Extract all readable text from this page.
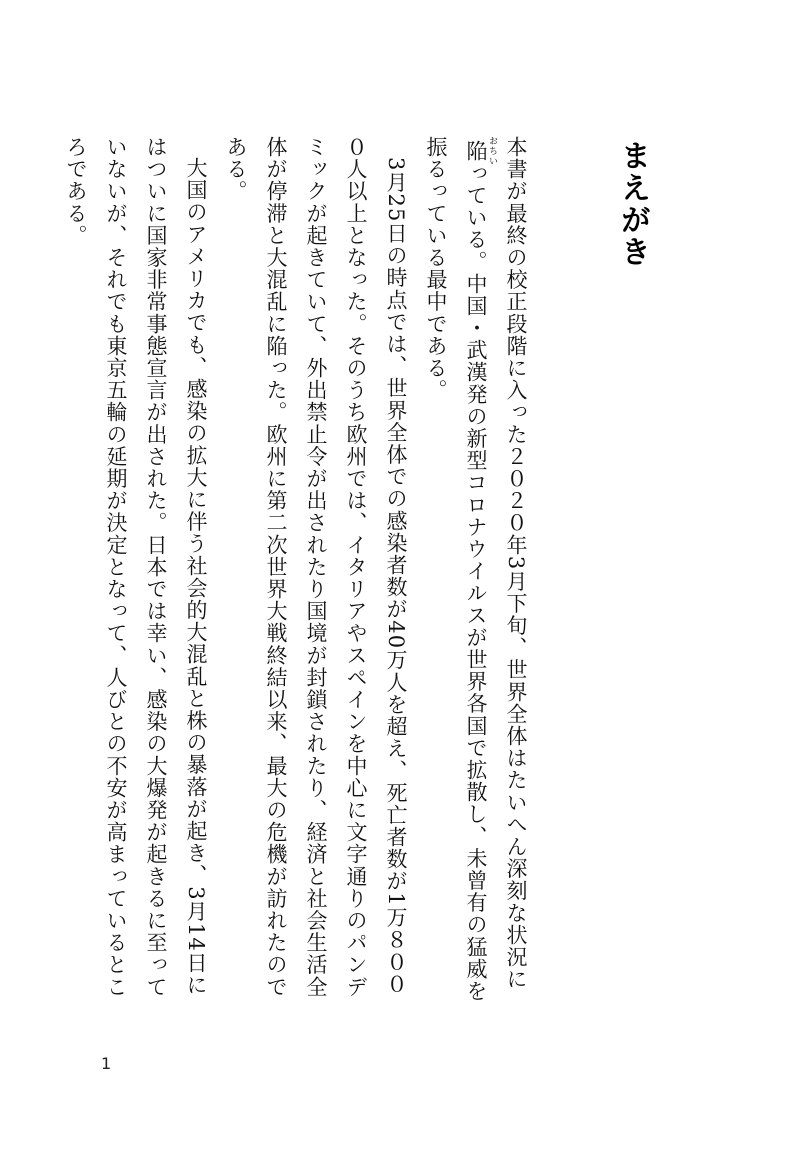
まえがき

本書が最終の校正段階に入った２０２０年3月下旬、世界全体はたいへん深刻な状況に陥 おちいっている。中国・武漢発の新型コロナウイルスが世界各国で拡散し、未曾有の猛威を振るっている最中である。

3月25日の時点では、世界全体での感染者数が40万人を超え、死亡者数が1万８０００人以上となった。そのうち欧州では、イタリアやスペインを中心に文字通りのパンデミックが起きていて、外出禁止令が出されたり国境が封鎖されたり、経済と社会生活全体が停滞と大混乱に陥った。欧州に第二次世界大戦終結以来、最大の危機が訪れたのである。

大国のアメリカでも、感染の拡大に伴う社会的大混乱と株の暴落が起き、3月14日にはついに国家非常事態宣言が出された。日本では幸い、感染の大爆発が起きるに至っていないが、それでも東京五輪の延期が決定となって、人びとの不安が高まっているところである。

1
